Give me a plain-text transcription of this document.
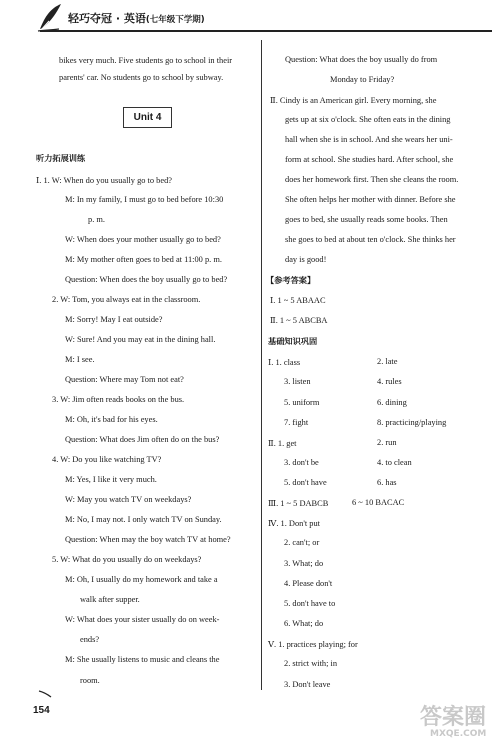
轻巧夺冠 · 英语(七年级下学期)
bikes very much. Five students go to school in their
parents' car. No students go to school by subway.
Unit 4
听力拓展训练
Ⅰ. 1. W: When do you usually go to bed?
M: In my family, I must go to bed before 10:30
p. m.
W: When does your mother usually go to bed?
M: My mother often goes to bed at 11:00 p. m.
Question: When does the boy usually go to bed?
2. W: Tom, you always eat in the classroom.
M: Sorry! May I eat outside?
W: Sure! And you may eat in the dining hall.
M: I see.
Question: Where may Tom not eat?
3. W: Jim often reads books on the bus.
M: Oh, it's bad for his eyes.
Question: What does Jim often do on the bus?
4. W: Do you like watching TV?
M: Yes, I like it very much.
W: May you watch TV on weekdays?
M: No, I may not. I only watch TV on Sunday.
Question: When may the boy watch TV at home?
5. W: What do you usually do on weekdays?
M: Oh, I usually do my homework and take a
walk after supper.
W: What does your sister usually do on week-
ends?
M: She usually listens to music and cleans the
room.
Question: What does the boy usually do from
Monday to Friday?
Ⅱ. Cindy is an American girl. Every morning, she
gets up at six o'clock. She often eats in the dining
hall when she is in school. And she wears her uni-
form at school. She studies hard. After school, she
does her homework first. Then she cleans the room.
She often helps her mother with dinner. Before she
goes to bed, she usually reads some books. Then
she goes to bed at about ten o'clock. She thinks her
day is good!
【参考答案】
Ⅰ. 1 ~ 5 ABAAC
Ⅱ. 1 ~ 5 ABCBA
基础知识巩固
Ⅰ. 1. class	2. late
3. listen	4. rules
5. uniform	6. dining
7. fight	8. practicing/playing
Ⅱ. 1. get	2. run
3. don't be	4. to clean
5. don't have	6. has
Ⅲ. 1 ~ 5 DABCB	6 ~ 10 BACAC
Ⅳ. 1. Don't put
2. can't; or
3. What; do
4. Please don't
5. don't have to
6. What; do
Ⅴ. 1. practices playing; for
2. strict with; in
3. Don't leave
154	答案圈
MXQE.COM
